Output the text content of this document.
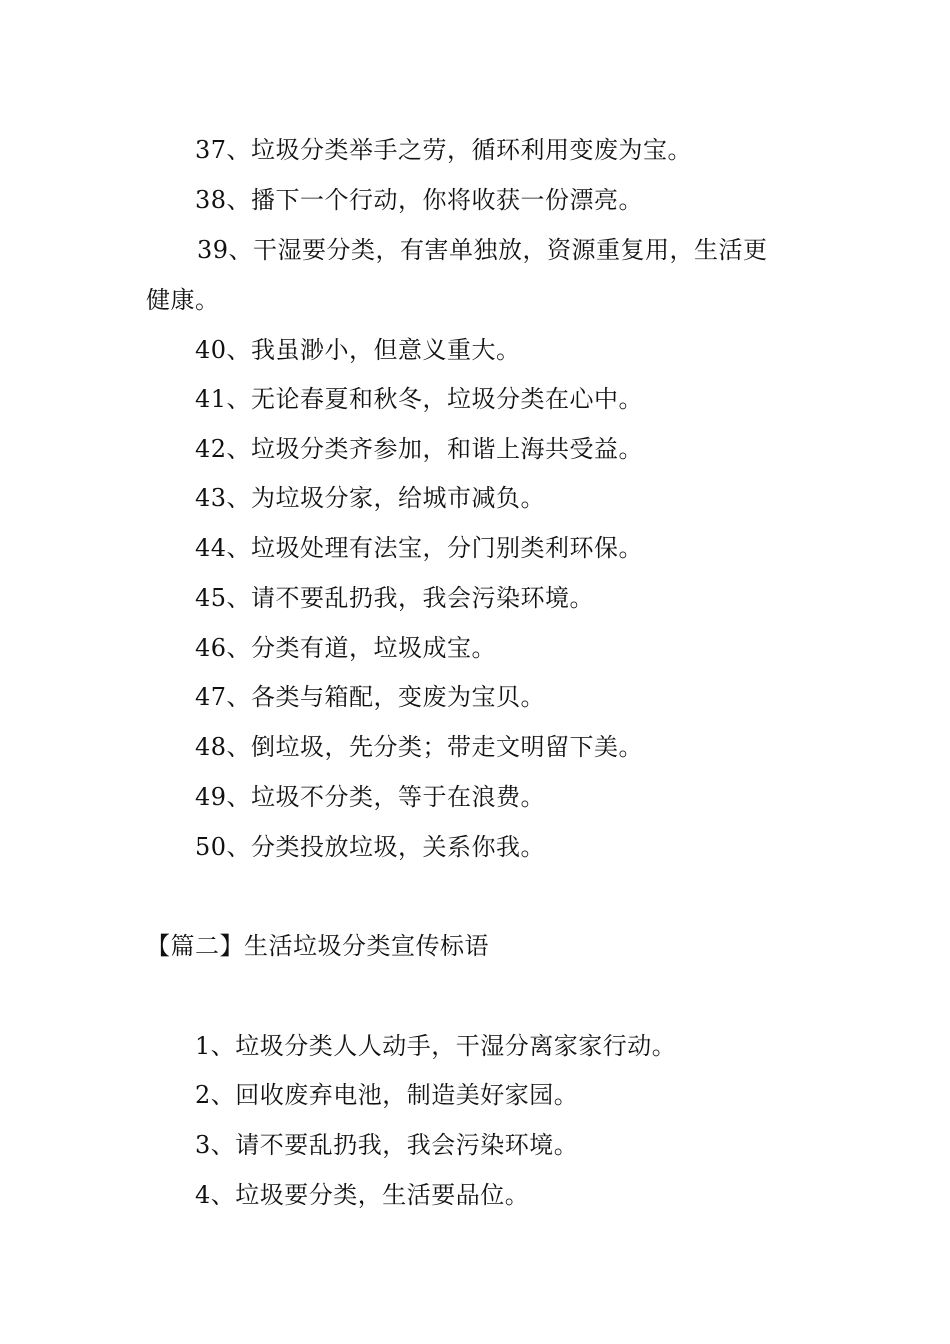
37、垃圾分类举手之劳，循环利用变废为宝。
38、播下一个行动，你将收获一份漂亮。
39、干湿要分类，有害单独放，资源重复用，生活更
健康。
40、我虽渺小，但意义重大。
41、无论春夏和秋冬，垃圾分类在心中。
42、垃圾分类齐参加，和谐上海共受益。
43、为垃圾分家，给城市减负。
44、垃圾处理有法宝，分门别类利环保。
45、请不要乱扔我，我会污染环境。
46、分类有道，垃圾成宝。
47、各类与箱配，变废为宝贝。
48、倒垃圾，先分类；带走文明留下美。
49、垃圾不分类，等于在浪费。
50、分类投放垃圾，关系你我。
【篇二】生活垃圾分类宣传标语
1、垃圾分类人人动手，干湿分离家家行动。
2、回收废弃电池，制造美好家园。
3、请不要乱扔我，我会污染环境。
4、垃圾要分类，生活要品位。
